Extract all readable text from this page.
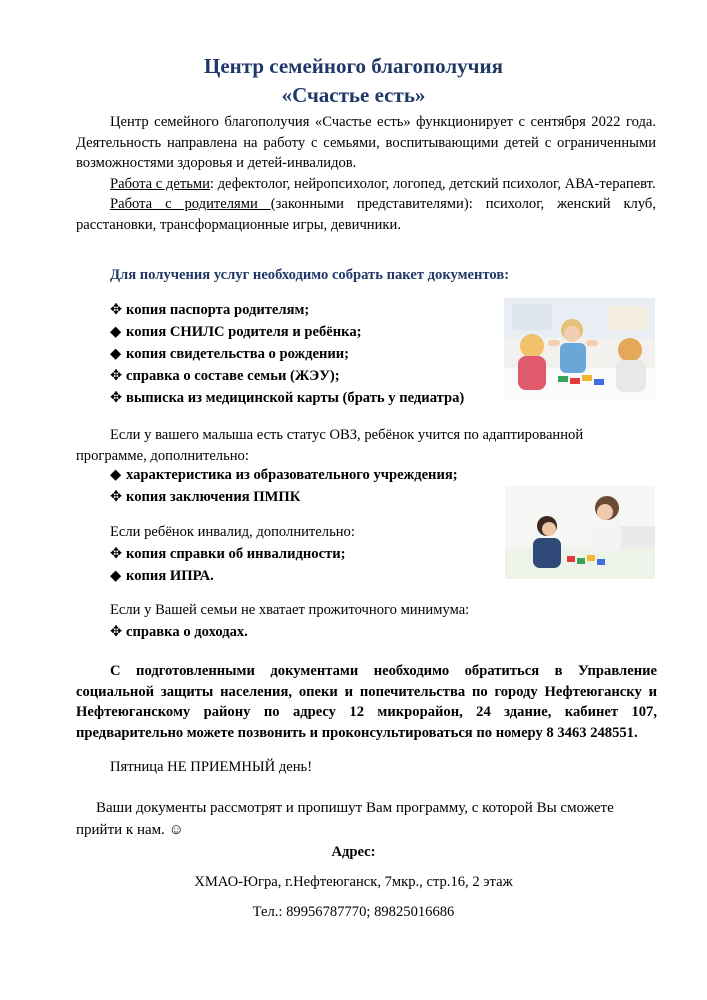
Центр семейного благополучия
«Счастье есть»

Центр семейного благополучия «Счастье есть» функционирует с сентября 2022 года. Деятельность направлена на работу с семьями, воспитывающими детей с ограниченными возможностями здоровья и детей-инвалидов.

Работа с детьми: дефектолог, нейропсихолог, логопед, детский психолог, АВА-терапевт.

Работа с родителями (законными представителями): психолог, женский клуб, расстановки, трансформационные игры, девичники.

Для получения услуг необходимо собрать пакет документов:
✥ копия паспорта родителям;
◆ копия СНИЛС родителя и ребёнка;
◆ копия свидетельства о рождении;
✥ справка о составе семьи (ЖЭУ);
✥ выписка из медицинской карты (брать у педиатра)
Если у вашего малыша есть статус ОВЗ, ребёнок учится по адаптированной программе, дополнительно:
◆ характеристика из образовательного учреждения;
✥ копия заключения ПМПК
Если ребёнок инвалид, дополнительно:
✥ копия справки об инвалидности;
◆ копия ИПРА.
Если у Вашей семьи не хватает прожиточного минимума:
✥ справка о доходах.
С подготовленными документами необходимо обратиться в Управление социальной защиты населения, опеки и попечительства по городу Нефтеюганску и Нефтеюганскому району по адресу 12 микрорайон, 24 здание, кабинет 107, предварительно можете позвонить и проконсультироваться по номеру 8 3463 248551.
Пятница НЕ ПРИЕМНЫЙ день!
Ваши документы рассмотрят и пропишут Вам программу, с которой Вы сможете прийти к нам. ☺
Адрес:
ХМАО-Югра, г.Нефтеюганск, 7мкр., стр.16, 2 этаж
Тел.: 89956787770; 89825016686
